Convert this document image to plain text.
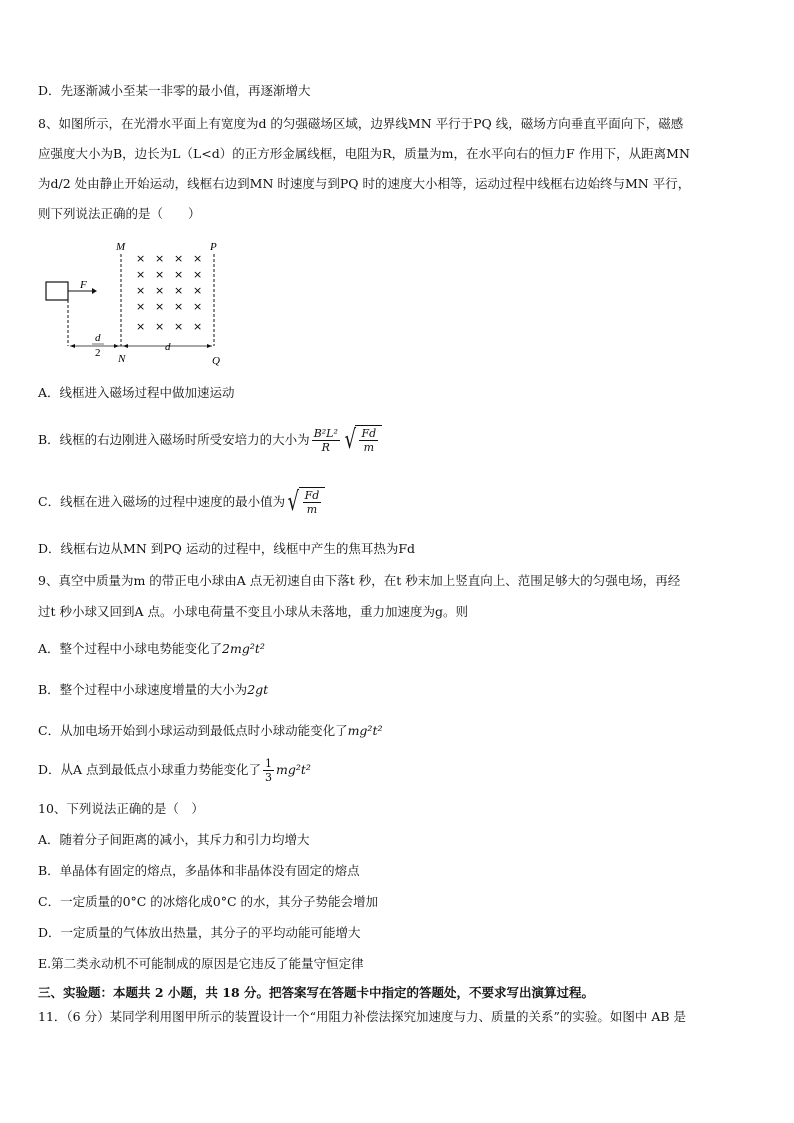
D．先逐渐减小至某一非零的最小值，再逐渐增大
8、如图所示，在光滑水平面上有宽度为d 的匀强磁场区域，边界线MN 平行于PQ 线，磁场方向垂直平面向下，磁感
应强度大小为B，边长为L（L<d）的正方形金属线框，电阻为R，质量为m，在水平向右的恒力F 作用下，从距离MN
为d/2 处由静止开始运动，线框右边到MN 时速度与到PQ 时的速度大小相等，运动过程中线框右边始终与MN 平行，
则下列说法正确的是（　　）
M	P
× × × ×
× × × ×
× × × ×
× × × ×
× × × ×
F
d
2	d
N	Q
A．线框进入磁场过程中做加速运动
B．线框的右边刚进入磁场时所受安培力的大小为 $\frac{\text{B²L²}}{R}$ √ $\frac{Fd}{m}$
C．线框在进入磁场的过程中速度的最小值为 √ $\frac{Fd}{m}$
D．线框右边从MN 到PQ 运动的过程中，线框中产生的焦耳热为Fd
9、真空中质量为m 的带正电小球由A 点无初速自由下落t 秒，在t 秒末加上竖直向上、范围足够大的匀强电场，再经
过t 秒小球又回到A 点。小球电荷量不变且小球从未落地，重力加速度为g。则
A．整个过程中小球电势能变化了2mg²t²
B．整个过程中小球速度增量的大小为2gt
C．从加电场开始到小球运动到最低点时小球动能变化了mg²t²
D．从A 点到最低点小球重力势能变化了 $\frac{1}{3} mg^2t^2$
10、下列说法正确的是（　）
A．随着分子间距离的减小，其斥力和引力均增大
B．单晶体有固定的熔点，多晶体和非晶体没有固定的熔点
C．一定质量的0°C 的冰熔化成0°C 的水，其分子势能会增加
D．一定质量的气体放出热量，其分子的平均动能可能增大
E.第二类永动机不可能制成的原因是它违反了能量守恒定律
三、实验题：本题共 2 小题，共 18 分。把答案写在答题卡中指定的答题处，不要求写出演算过程。
11．（6 分）某同学利用图甲所示的装置设计一个“用阻力补偿法探究加速度与力、质量的关系”的实验。如图中 AB 是
